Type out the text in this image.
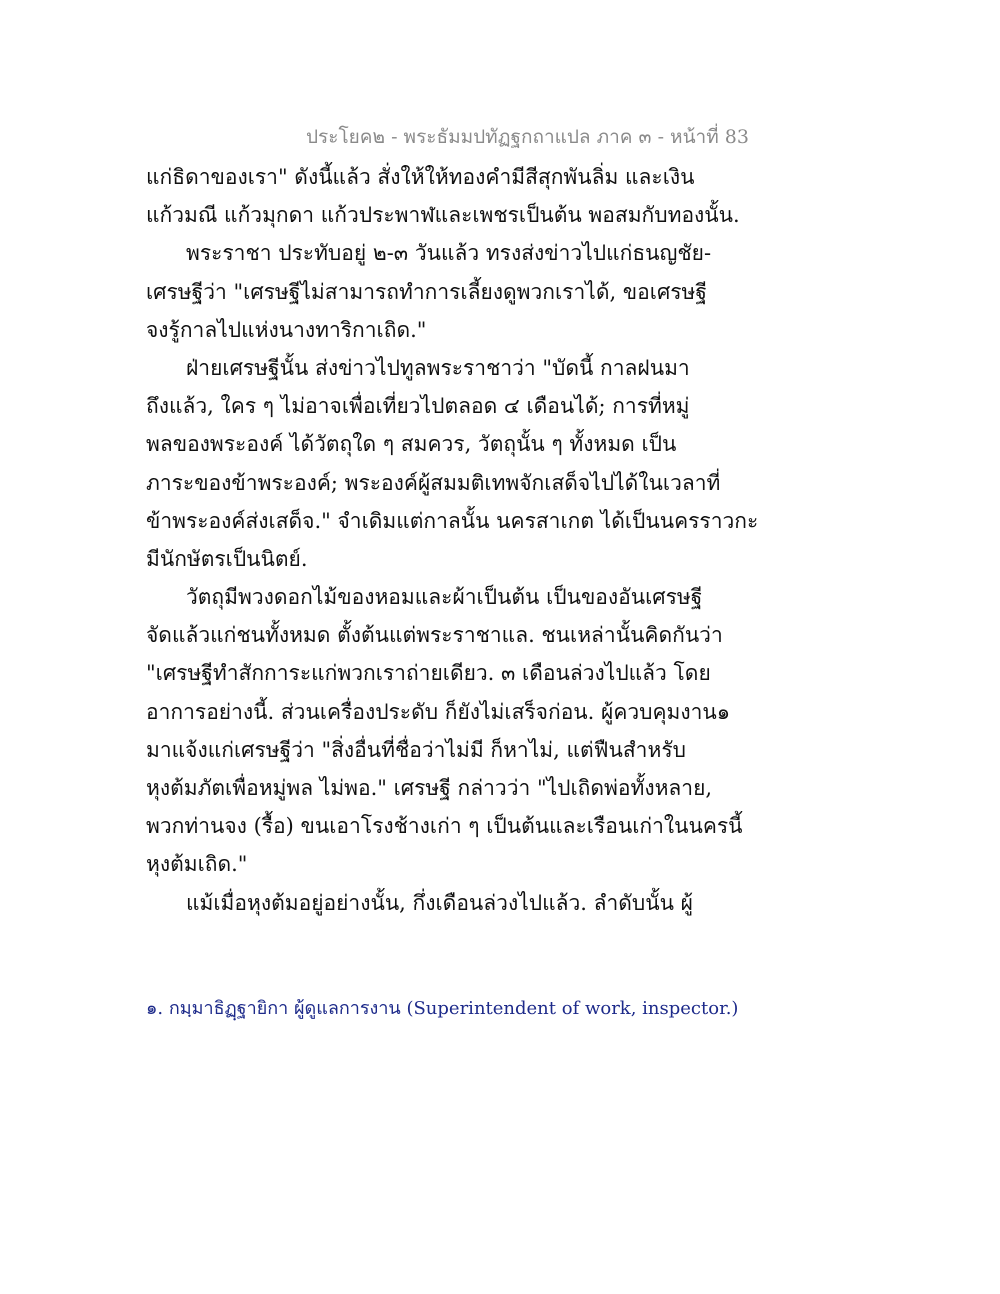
ประโยค๒ - พระธัมมปทัฏฐกถาแปล ภาค ๓ - หน้าที่ 83
แก่ธิดาของเรา" ดังนี้แล้ว สั่งให้ให้ทองคำมีสีสุกพันลิ่ม และเงิน
แก้วมณี แก้วมุกดา แก้วประพาฬและเพชรเป็นต้น พอสมกับทองนั้น.
พระราชา ประทับอยู่ ๒-๓ วันแล้ว ทรงส่งข่าวไปแก่ธนญชัย-
เศรษฐีว่า "เศรษฐีไม่สามารถทำการเลี้ยงดูพวกเราได้, ขอเศรษฐี
จงรู้กาลไปแห่งนางทาริกาเถิด."
ฝ่ายเศรษฐีนั้น ส่งข่าวไปทูลพระราชาว่า "บัดนี้ กาลฝนมา
ถึงแล้ว, ใคร ๆ ไม่อาจเพื่อเที่ยวไปตลอด ๔ เดือนได้; การที่หมู่
พลของพระองค์ ได้วัตถุใด ๆ สมควร, วัตถุนั้น ๆ ทั้งหมด เป็น
ภาระของข้าพระองค์; พระองค์ผู้สมมติเทพจักเสด็จไปได้ในเวลาที่
ข้าพระองค์ส่งเสด็จ." จำเดิมแต่กาลนั้น นครสาเกต ได้เป็นนครราวกะ
มีนักษัตรเป็นนิตย์.
วัตถุมีพวงดอกไม้ของหอมและผ้าเป็นต้น เป็นของอันเศรษฐี
จัดแล้วแก่ชนทั้งหมด ตั้งต้นแต่พระราชาแล. ชนเหล่านั้นคิดกันว่า
"เศรษฐีทำสักการะแก่พวกเราถ่ายเดียว. ๓ เดือนล่วงไปแล้ว โดย
อาการอย่างนี้. ส่วนเครื่องประดับ ก็ยังไม่เสร็จก่อน. ผู้ควบคุมงาน๑
มาแจ้งแก่เศรษฐีว่า "สิ่งอื่นที่ชื่อว่าไม่มี ก็หาไม่, แต่ฟืนสำหรับ
หุงต้มภัตเพื่อหมู่พล ไม่พอ." เศรษฐี กล่าวว่า "ไปเถิดพ่อทั้งหลาย,
พวกท่านจง (รื้อ) ขนเอาโรงช้างเก่า ๆ เป็นต้นและเรือนเก่าในนครนี้
หุงต้มเถิด."
แม้เมื่อหุงต้มอยู่อย่างนั้น, กึ่งเดือนล่วงไปแล้ว. ลำดับนั้น ผู้
๑. กมฺมาธิฏฺฐายิกา ผู้ดูแลการงาน (Superintendent of work, inspector.)
